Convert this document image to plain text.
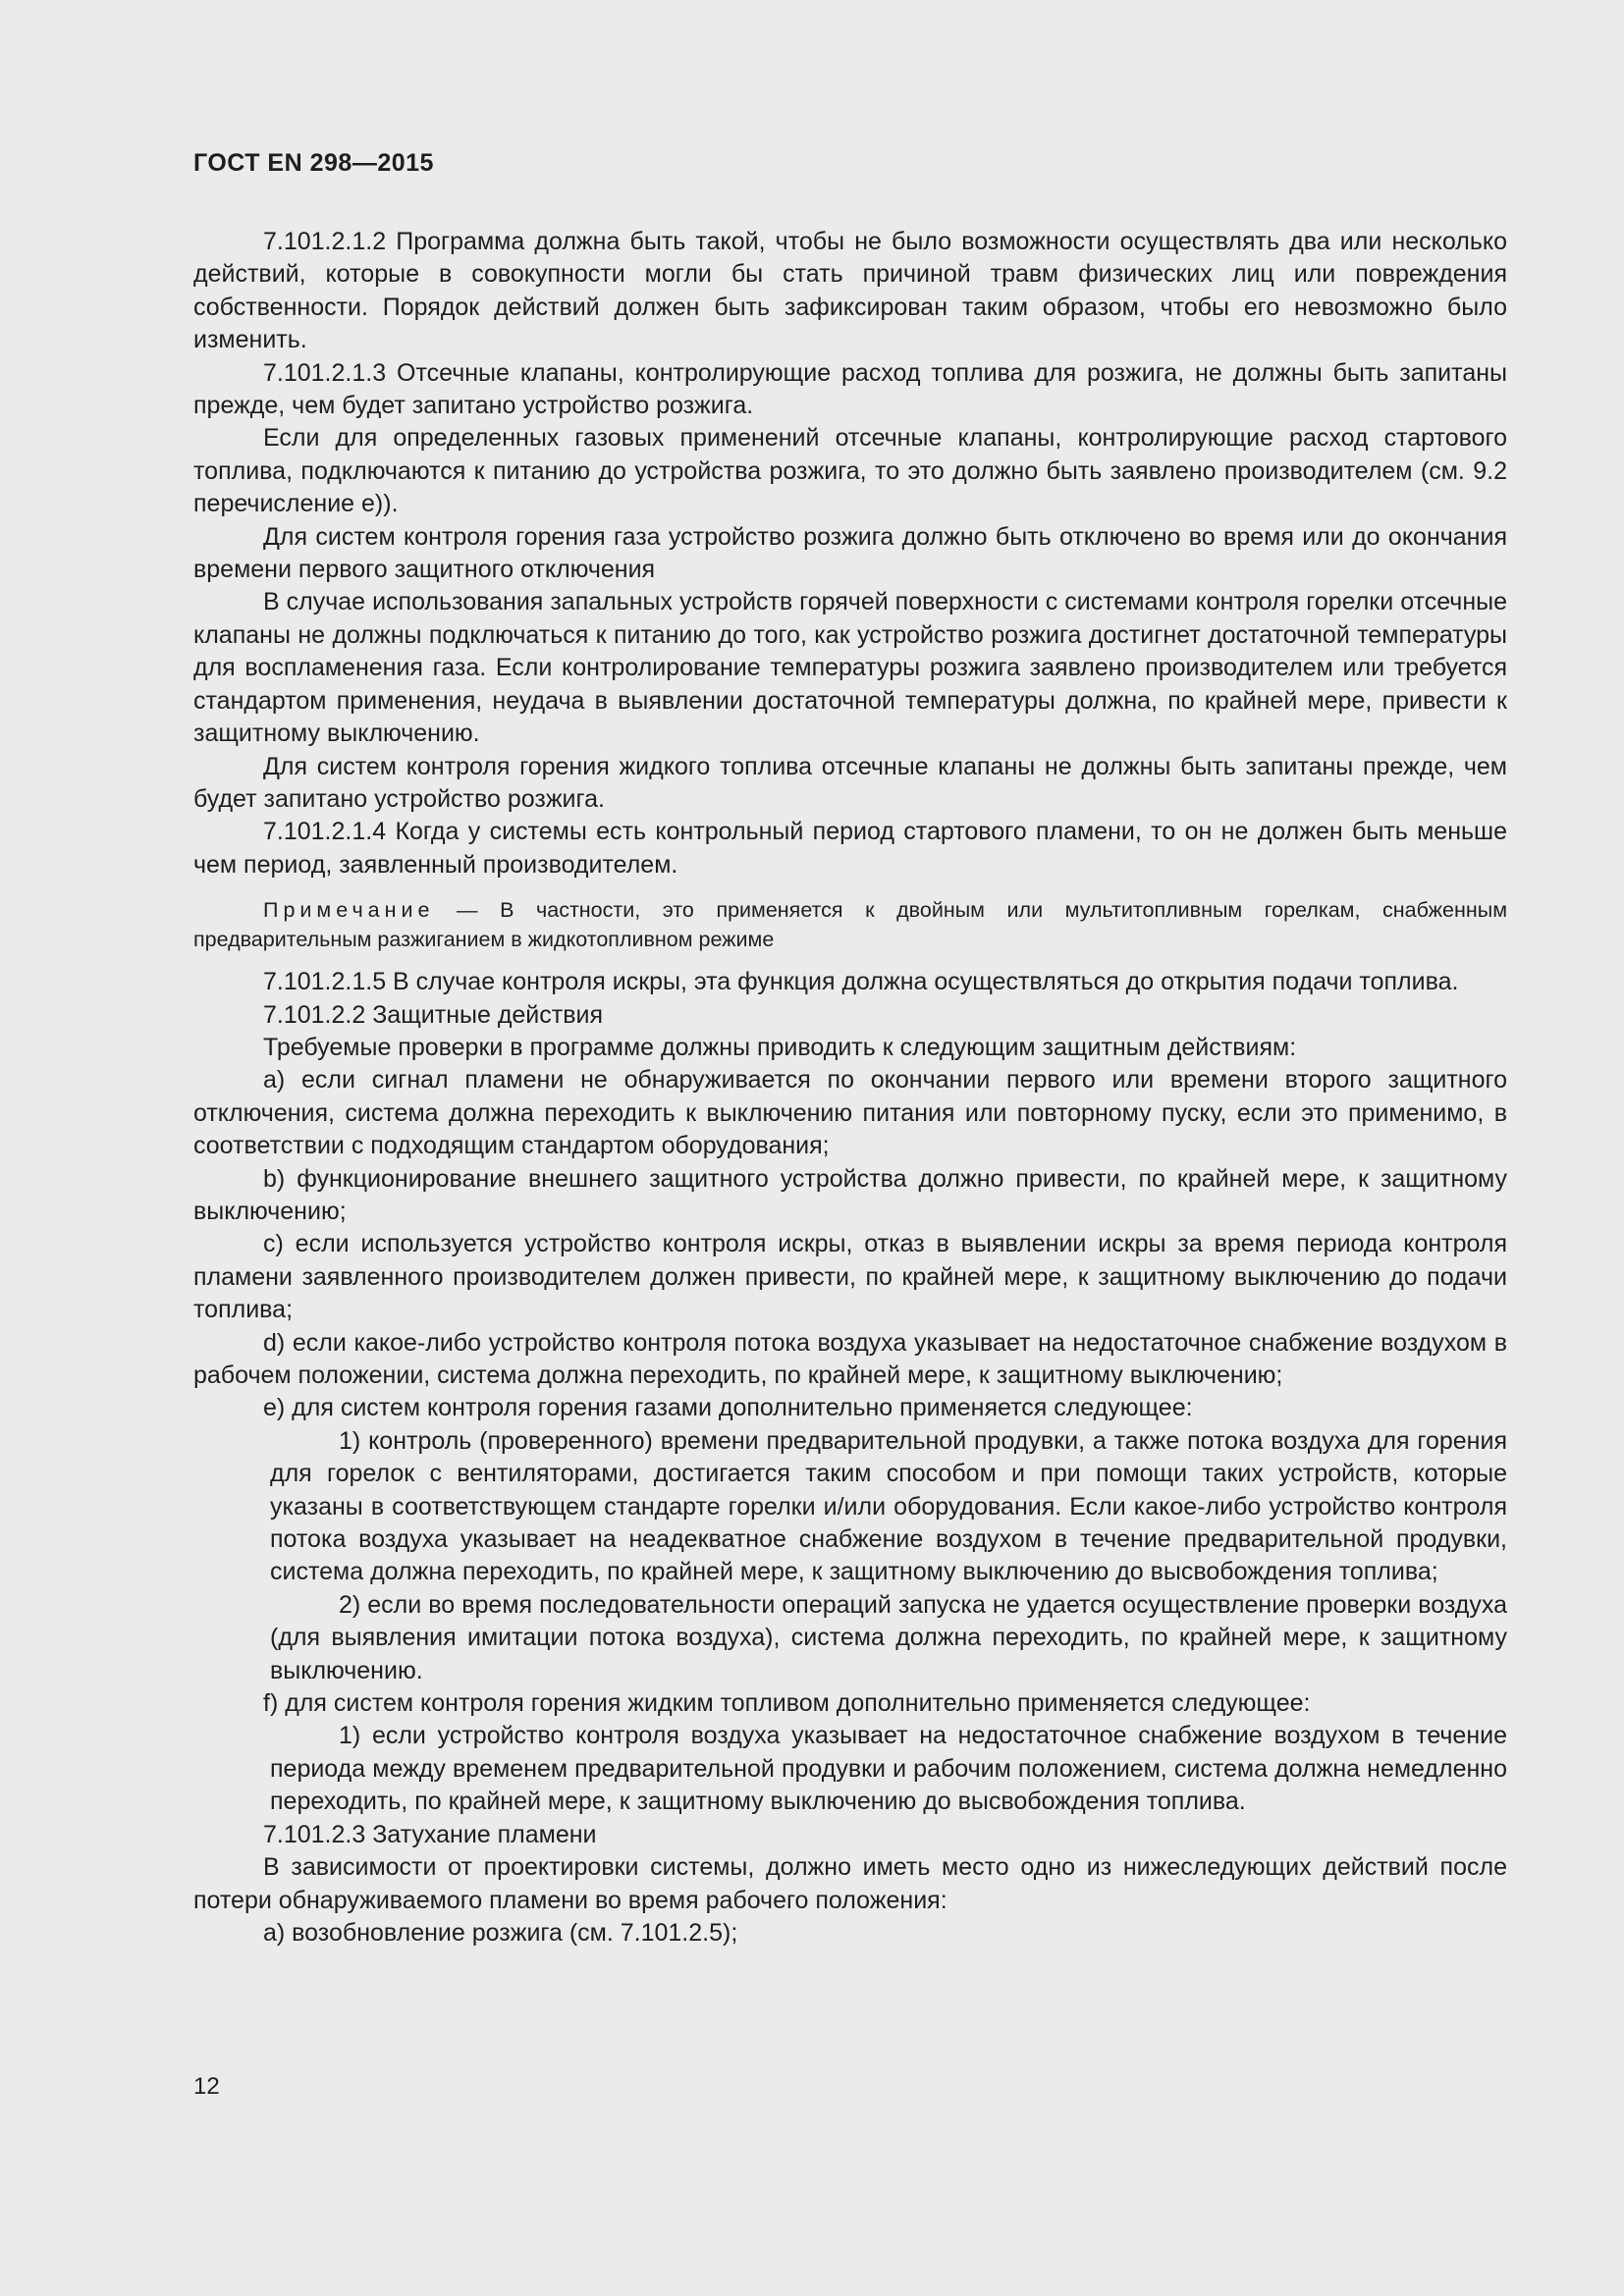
ГОСТ EN 298—2015

7.101.2.1.2 Программа должна быть такой, чтобы не было возможности осуществлять два или несколько действий, которые в совокупности могли бы стать причиной травм физических лиц или повреждения собственности. Порядок действий должен быть зафиксирован таким образом, чтобы его невозможно было изменить.

7.101.2.1.3 Отсечные клапаны, контролирующие расход топлива для розжига, не должны быть запитаны прежде, чем будет запитано устройство розжига.

Если для определенных газовых применений отсечные клапаны, контролирующие расход стартового топлива, подключаются к питанию до устройства розжига, то это должно быть заявлено производителем (см. 9.2 перечисление е)).

Для систем контроля горения газа устройство розжига должно быть отключено во время или до окончания времени первого защитного отключения

В случае использования запальных устройств горячей поверхности с системами контроля горелки отсечные клапаны не должны подключаться к питанию до того, как устройство розжига достигнет достаточной температуры для воспламенения газа. Если контролирование температуры розжига заявлено производителем или требуется стандартом применения, неудача в выявлении достаточной температуры должна, по крайней мере, привести к защитному выключению.

Для систем контроля горения жидкого топлива отсечные клапаны не должны быть запитаны прежде, чем будет запитано устройство розжига.

7.101.2.1.4 Когда у системы есть контрольный период стартового пламени, то он не должен быть меньше чем период, заявленный производителем.

Примечание — В частности, это применяется к двойным или мультитопливным горелкам, снабженным предварительным разжиганием в жидкотопливном режиме

7.101.2.1.5 В случае контроля искры, эта функция должна осуществляться до открытия подачи топлива.

7.101.2.2 Защитные действия

Требуемые проверки в программе должны приводить к следующим защитным действиям:

а) если сигнал пламени не обнаруживается по окончании первого или времени второго защитного отключения, система должна переходить к выключению питания или повторному пуску, если это применимо, в соответствии с подходящим стандартом оборудования;

b) функционирование внешнего защитного устройства должно привести, по крайней мере, к защитному выключению;

с) если используется устройство контроля искры, отказ в выявлении искры за время периода контроля пламени заявленного производителем должен привести, по крайней мере, к защитному выключению до подачи топлива;

d) если какое-либо устройство контроля потока воздуха указывает на недостаточное снабжение воздухом в рабочем положении, система должна переходить, по крайней мере, к защитному выключению;

е) для систем контроля горения газами дополнительно применяется следующее:

1) контроль (проверенного) времени предварительной продувки, а также потока воздуха для горения для горелок с вентиляторами, достигается таким способом и при помощи таких устройств, которые указаны в соответствующем стандарте горелки и/или оборудования. Если какое-либо устройство контроля потока воздуха указывает на неадекватное снабжение воздухом в течение предварительной продувки, система должна переходить, по крайней мере, к защитному выключению до высвобождения топлива;

2) если во время последовательности операций запуска не удается осуществление проверки воздуха (для выявления имитации потока воздуха), система должна переходить, по крайней мере, к защитному выключению.

f) для систем контроля горения жидким топливом дополнительно применяется следующее:

1) если устройство контроля воздуха указывает на недостаточное снабжение воздухом в течение периода между временем предварительной продувки и рабочим положением, система должна немедленно переходить, по крайней мере, к защитному выключению до высвобождения топлива.

7.101.2.3 Затухание пламени

В зависимости от проектировки системы, должно иметь место одно из нижеследующих действий после потери обнаруживаемого пламени во время рабочего положения:

а) возобновление розжига (см. 7.101.2.5);

12
